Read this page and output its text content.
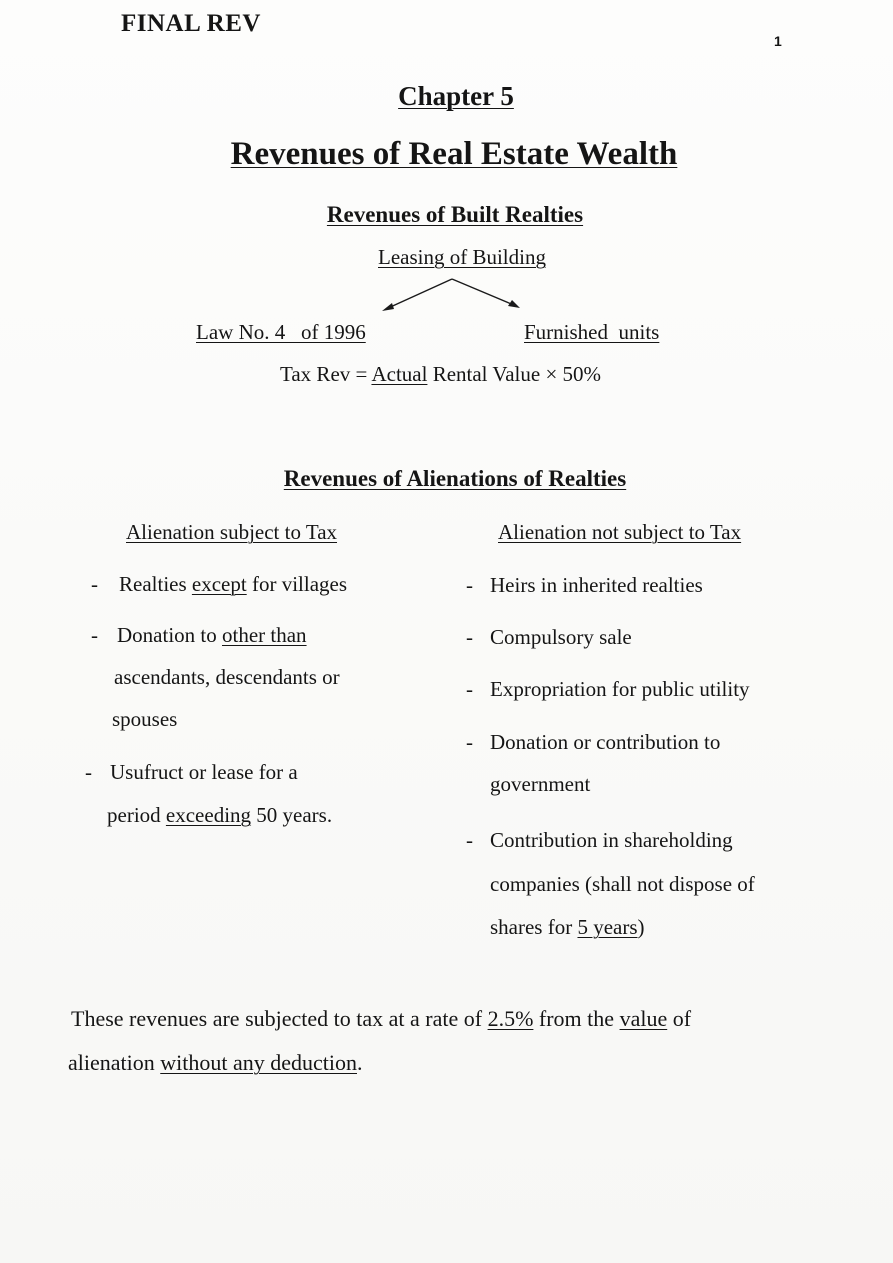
FINAL REV
1
Chapter 5
Revenues of Real Estate Wealth
Revenues of Built Realties
Leasing of Building
Law No. 4   of 1996	Furnished  units
Tax Rev = Actual Rental Value × 50%
Revenues of Alienations of Realties
Alienation subject to Tax	Alienation not subject to Tax
- Realties except for villages
- Donation to other than
ascendants, descendants or
spouses
- Usufruct or lease for a
period exceeding 50 years.
- Heirs in inherited realties
- Compulsory sale
- Expropriation for public utility
- Donation or contribution to
government
- Contribution in shareholding
companies (shall not dispose of
shares for 5 years)
These revenues are subjected to tax at a rate of 2.5% from the value of
alienation without any deduction.
